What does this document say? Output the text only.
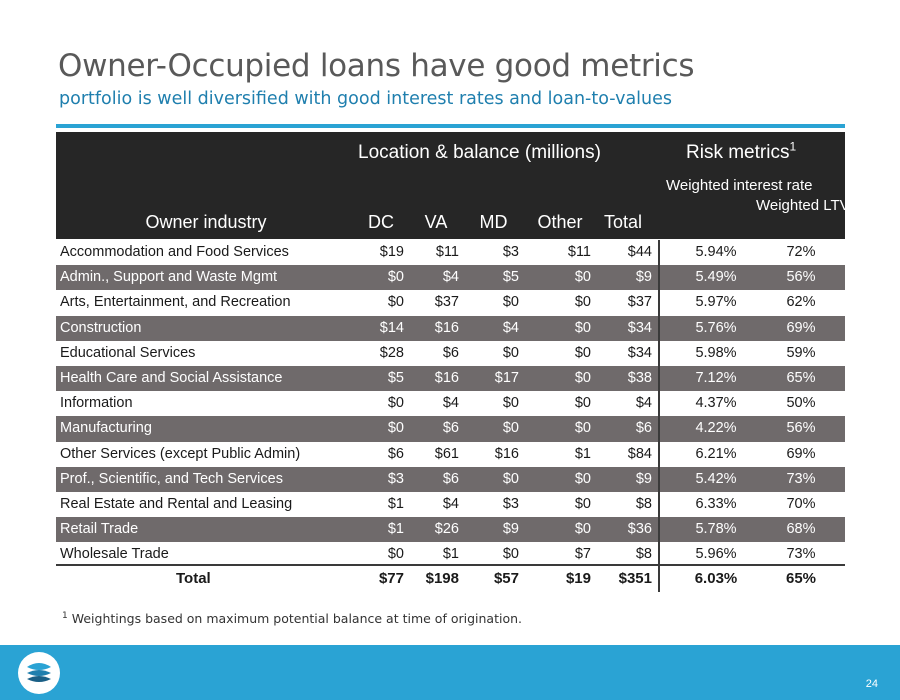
Owner-Occupied loans have good metrics
portfolio is well diversified with good interest rates and loan-to-values
Location & balance (millions)	Risk metrics$^1$
Owner industry	DC	VA	MD	Other	Total
Weighted interest rate
Weighted LTV
Accommodation and Food Services	$19	$11	$3	$11	$44	5.94%	72%
Admin., Support and Waste Mgmt	$0	$4	$5	$0	$9	5.49%	56%
Arts, Entertainment, and Recreation	$0	$37	$0	$0	$37	5.97%	62%
Construction	$14	$16	$4	$0	$34	5.76%	69%
Educational Services	$28	$6	$0	$0	$34	5.98%	59%
Health Care and Social Assistance	$5	$16	$17	$0	$38	7.12%	65%
Information	$0	$4	$0	$0	$4	4.37%	50%
Manufacturing	$0	$6	$0	$0	$6	4.22%	56%
Other Services (except Public Admin)	$6	$61	$16	$1	$84	6.21%	69%
Prof., Scientific, and Tech Services	$3	$6	$0	$0	$9	5.42%	73%
Real Estate and Rental and Leasing	$1	$4	$3	$0	$8	6.33%	70%
Retail Trade	$1	$26	$9	$0	$36	5.78%	68%
Wholesale Trade	$0	$1	$0	$7	$8	5.96%	73%
Total	$77	$198	$57	$19	$351	6.03%	65%
$^1$ Weightings based on maximum potential balance at time of origination.
24
